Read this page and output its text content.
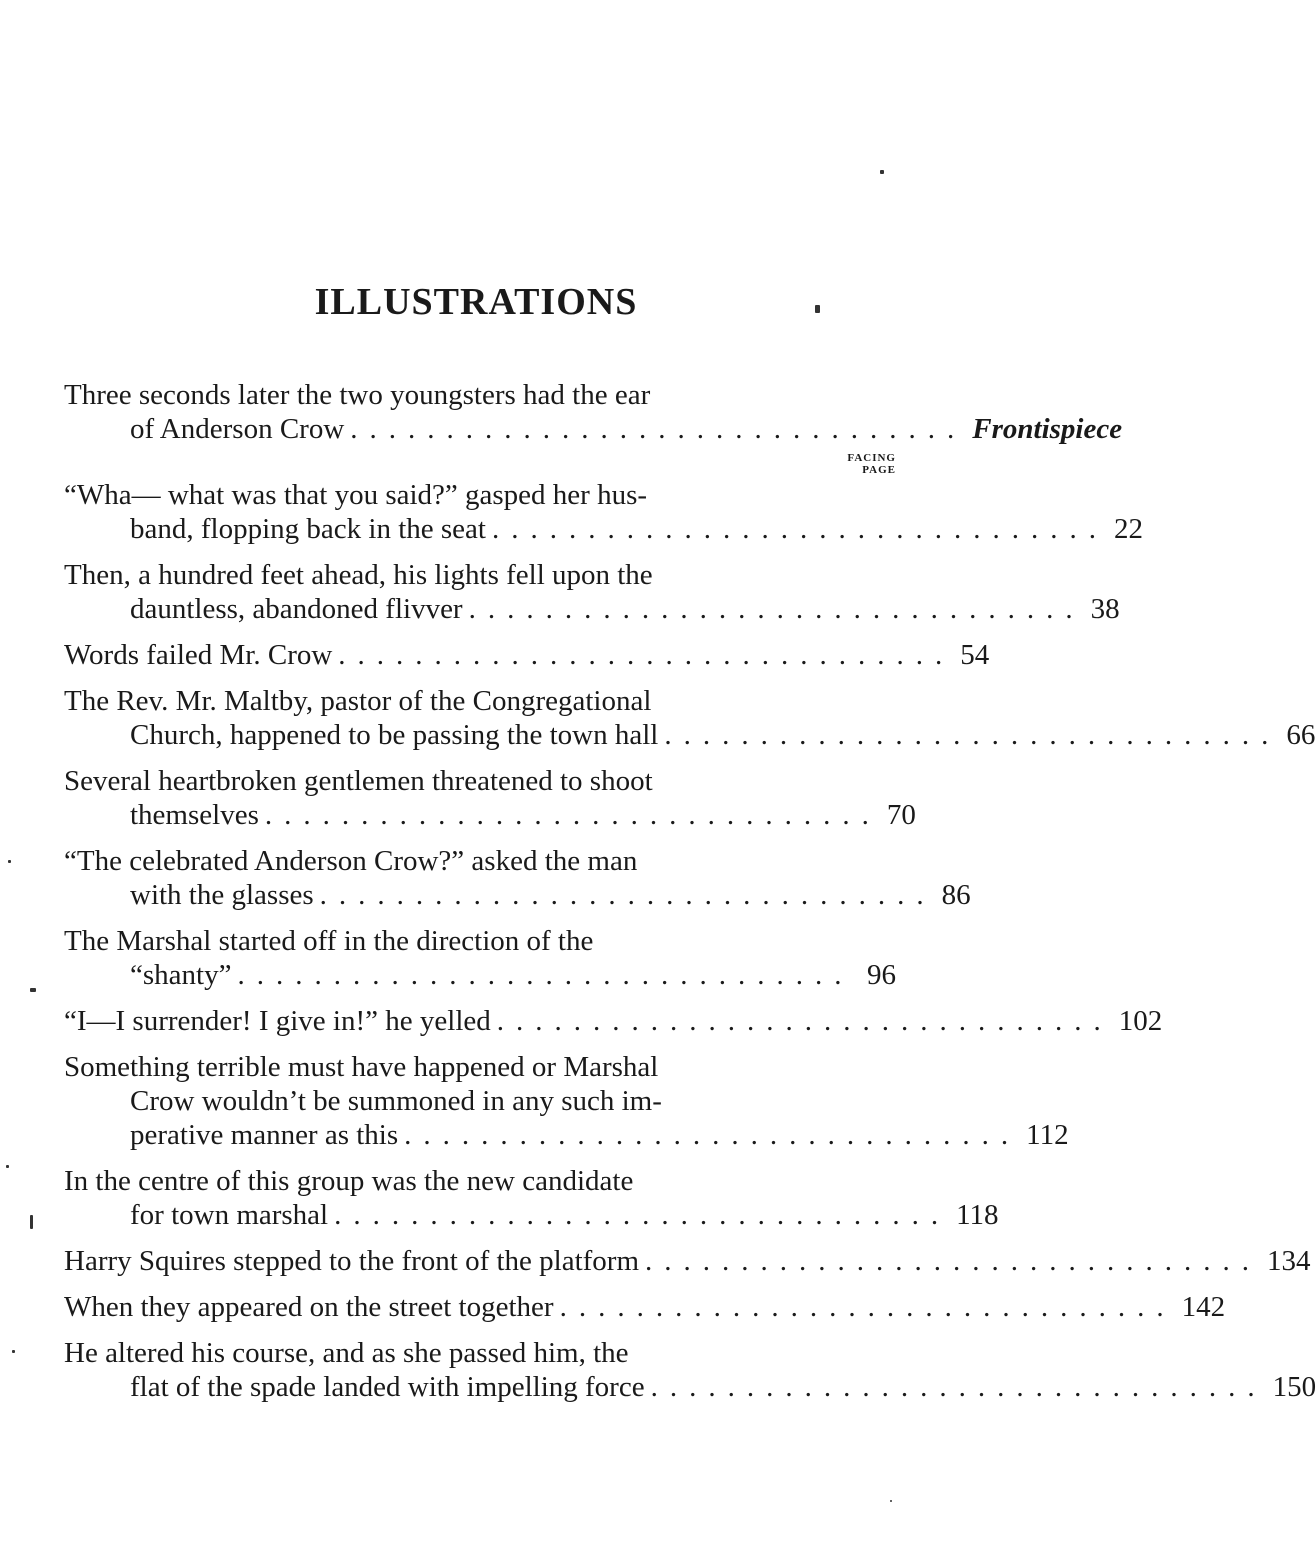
ILLUSTRATIONS
Three seconds later the two youngsters had the ear
of Anderson Crow ................................ Frontispiece
FACING
PAGE
“Wha— what was that you said?” gasped her hus-
band, flopping back in the seat ................................ 22
Then, a hundred feet ahead, his lights fell upon the
dauntless, abandoned flivver ................................ 38
Words failed Mr. Crow ................................ 54
The Rev. Mr. Maltby, pastor of the Congregational
Church, happened to be passing the town hall ................................ 66
Several heartbroken gentlemen threatened to shoot
themselves ................................ 70
“The celebrated Anderson Crow?” asked the man
with the glasses ................................ 86
The Marshal started off in the direction of the
“shanty” ................................ 96
“I—I surrender! I give in!” he yelled ................................ 102
Something terrible must have happened or Marshal
Crow wouldn’t be summoned in any such im-
perative manner as this ................................ 112
In the centre of this group was the new candidate
for town marshal ................................ 118
Harry Squires stepped to the front of the platform ................................ 134
When they appeared on the street together ................................ 142
He altered his course, and as she passed him, the
flat of the spade landed with impelling force ................................ 150
